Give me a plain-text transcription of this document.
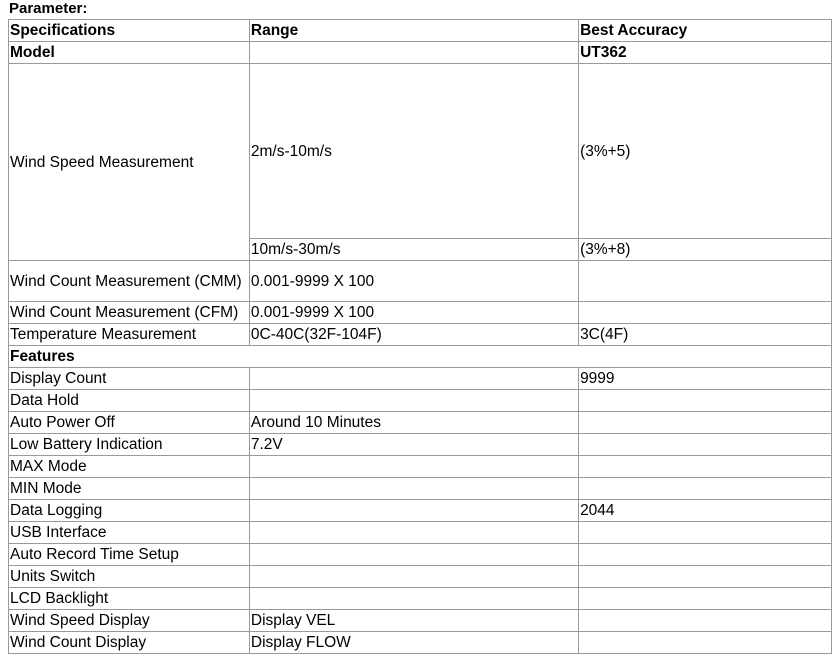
Parameter:
Specifications	Range	Best Accuracy
Model		UT362
Wind Speed Measurement	2m/s-10m/s	(3%+5)
	10m/s-30m/s	(3%+8)
Wind Count Measurement (CMM)	0.001-9999 X 100	
Wind Count Measurement (CFM)	0.001-9999 X 100	
Temperature Measurement	0C-40C(32F-104F)	3C(4F)
Features		
Display Count		9999
Data Hold		
Auto Power Off	Around 10 Minutes	
Low Battery Indication	7.2V	
MAX Mode		
MIN Mode		
Data Logging		2044
USB Interface		
Auto Record Time Setup		
Units Switch		
LCD Backlight		
Wind Speed Display	Display VEL	
Wind Count Display	Display FLOW	
